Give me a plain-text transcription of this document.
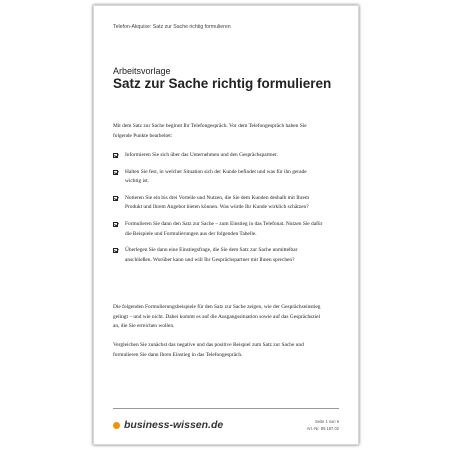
Telefon-Akquise: Satz zur Sache richtig formulieren
Arbeitsvorlage
Satz zur Sache richtig formulieren
Mit dem Satz zur Sache beginnt Ihr Telefongespräch. Vor dem Telefongespräch haben Sie folgende Punkte bearbeitet:
Informieren Sie sich über das Unternehmen und den Gesprächspartner.
Halten Sie fest, in welcher Situation sich der Kunde befindet und was für ihn gerade wichtig ist.
Notieren Sie ein bis drei Vorteile und Nutzen, die Sie dem Kunden deshalb mit Ihrem Produkt und Ihrem Angebot bieten können. Was würde Ihr Kunde wirklich schätzen?
Formulieren Sie dann den Satz zur Sache – zum Einstieg in das Telefonat. Nutzen Sie dafür die Beispiele und Formulierungen aus der folgenden Tabelle.
Überlegen Sie dann eine Einstiegsfrage, die Sie dem Satz zur Sache unmittelbar anschließen. Worüber kann und will Ihr Gesprächspartner mit Ihnen sprechen?
Die folgenden Formulierungsbeispiele für den Satz zur Sache zeigen, wie der Gesprächseinstieg gelingt – und wie nicht. Dabei kommt es auf die Ausgangssituation sowie auf das Gesprächsziel an, die Sie erreichen wollen.
Vergleichen Sie zunächst das negative und das positive Beispiel zum Satz zur Sache und formulieren Sie dann Ihren Einstieg in das Telefongespräch.
business-wissen.de	Seite 1 von 6
Art.-Nr. 99.197.02
